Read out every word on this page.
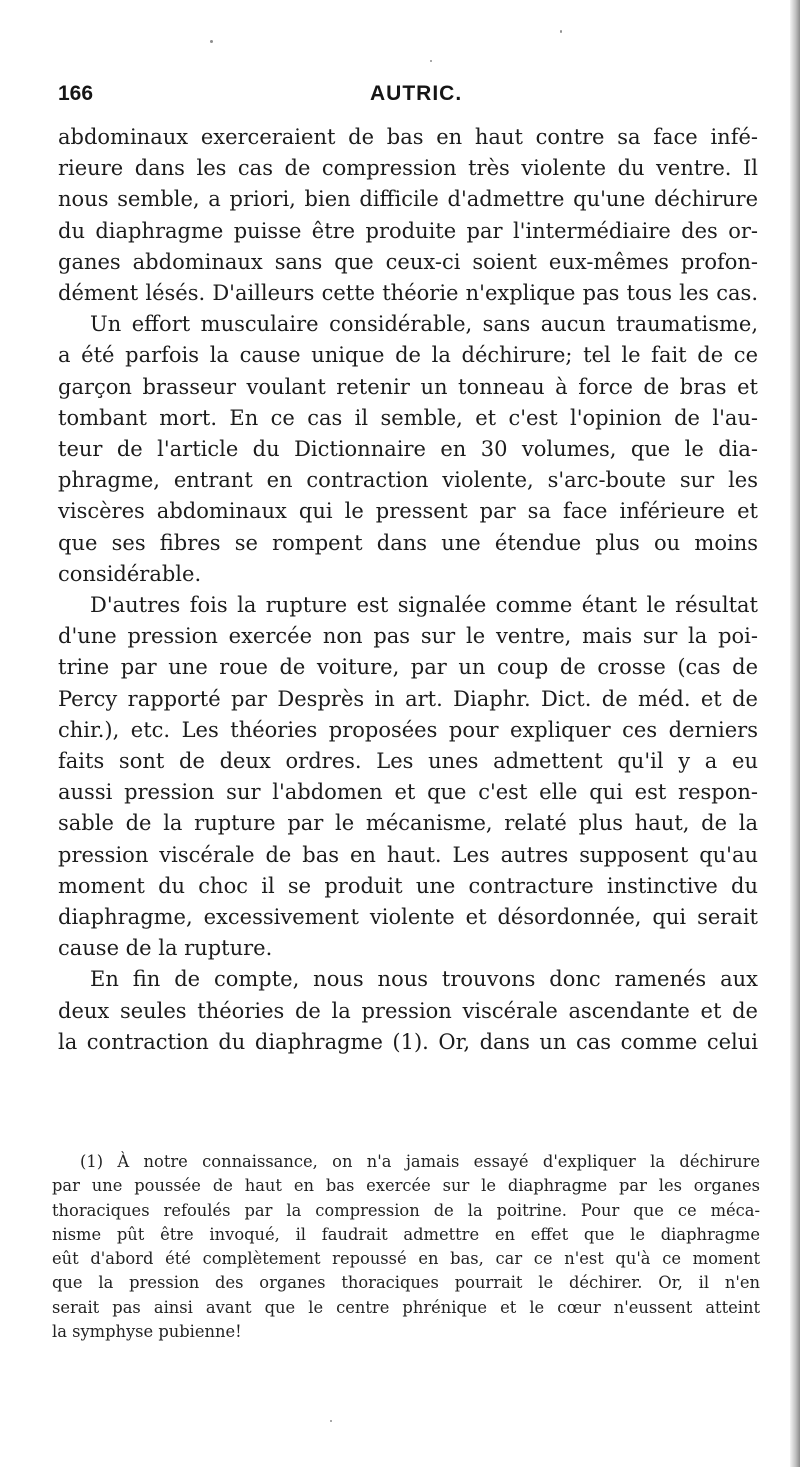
166	AUTRIC.
abdominaux exerceraient de bas en haut contre sa face infé-
rieure dans les cas de compression très violente du ventre. Il
nous semble, a priori, bien difficile d'admettre qu'une déchirure
du diaphragme puisse être produite par l'intermédiaire des or-
ganes abdominaux sans que ceux-ci soient eux-mêmes profon-
dément lésés. D'ailleurs cette théorie n'explique pas tous les cas.
Un effort musculaire considérable, sans aucun traumatisme,
a été parfois la cause unique de la déchirure; tel le fait de ce
garçon brasseur voulant retenir un tonneau à force de bras et
tombant mort. En ce cas il semble, et c'est l'opinion de l'au-
teur de l'article du Dictionnaire en 30 volumes, que le dia-
phragme, entrant en contraction violente, s'arc-boute sur les
viscères abdominaux qui le pressent par sa face inférieure et
que ses fibres se rompent dans une étendue plus ou moins
considérable.
D'autres fois la rupture est signalée comme étant le résultat
d'une pression exercée non pas sur le ventre, mais sur la poi-
trine par une roue de voiture, par un coup de crosse (cas de
Percy rapporté par Desprès in art. Diaphr. Dict. de méd. et de
chir.), etc. Les théories proposées pour expliquer ces derniers
faits sont de deux ordres. Les unes admettent qu'il y a eu
aussi pression sur l'abdomen et que c'est elle qui est respon-
sable de la rupture par le mécanisme, relaté plus haut, de la
pression viscérale de bas en haut. Les autres supposent qu'au
moment du choc il se produit une contracture instinctive du
diaphragme, excessivement violente et désordonnée, qui serait
cause de la rupture.
En fin de compte, nous nous trouvons donc ramenés aux
deux seules théories de la pression viscérale ascendante et de
la contraction du diaphragme (1). Or, dans un cas comme celui
(1) À notre connaissance, on n'a jamais essayé d'expliquer la déchirure
par une poussée de haut en bas exercée sur le diaphragme par les organes
thoraciques refoulés par la compression de la poitrine. Pour que ce méca-
nisme pût être invoqué, il faudrait admettre en effet que le diaphragme
eût d'abord été complètement repoussé en bas, car ce n'est qu'à ce moment
que la pression des organes thoraciques pourrait le déchirer. Or, il n'en
serait pas ainsi avant que le centre phrénique et le cœur n'eussent atteint
la symphyse pubienne!
